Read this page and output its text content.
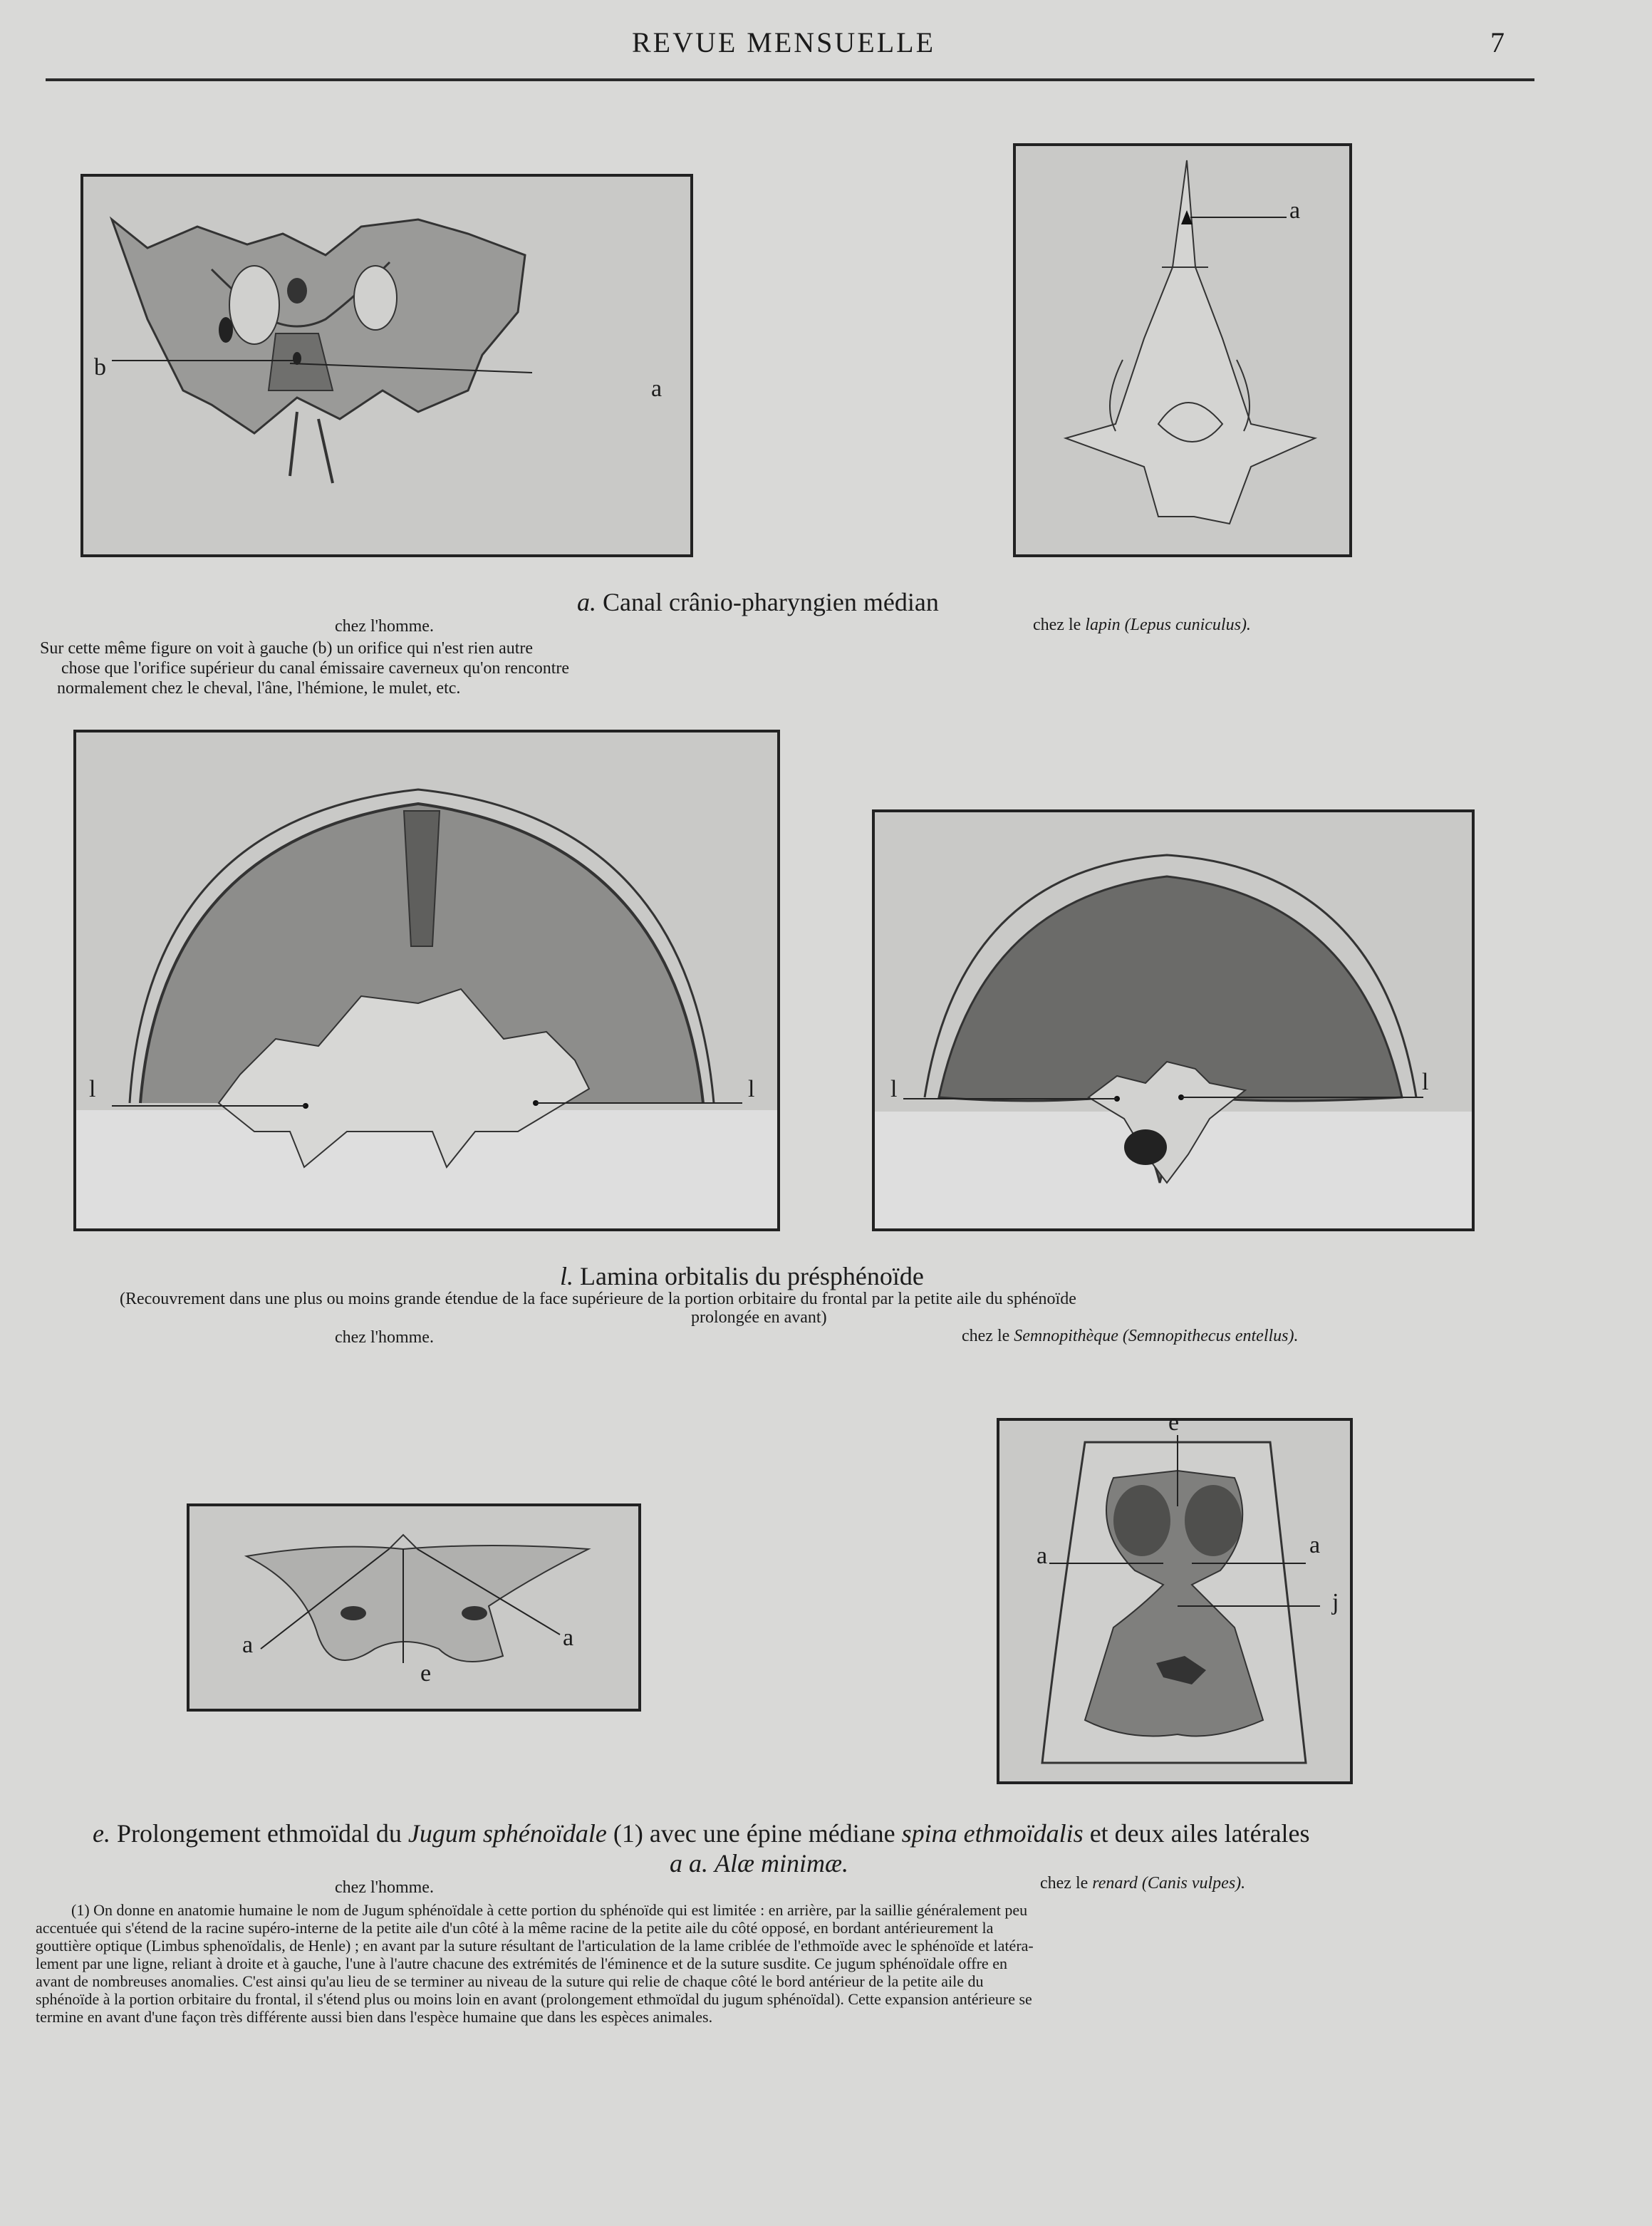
REVUE MENSUELLE	7
b
a
a
a. Canal crânio-pharyngien médian
chez l'homme.	chez le lapin (Lepus cuniculus).
Sur cette même figure on voit à gauche (b) un orifice qui n'est rien autre
chose que l'orifice supérieur du canal émissaire caverneux qu'on rencontre
normalement chez le cheval, l'âne, l'hémione, le mulet, etc.
l	l	l	l
l. Lamina orbitalis du présphénoïde
(Recouvrement dans une plus ou moins grande étendue de la face supérieure de la portion orbitaire du frontal par la petite aile du sphénoïde
prolongée en avant)
chez l'homme.	chez le Semnopithèque (Semnopithecus entellus).
a
e
a
e
a	a
j
e. Prolongement ethmoïdal du Jugum sphénoïdale (1) avec une épine médiane spina ethmoïdalis et deux ailes latérales
a a. Alæ minimæ.
chez l'homme.	chez le renard (Canis vulpes).
(1) On donne en anatomie humaine le nom de Jugum sphénoïdale à cette portion du sphénoïde qui est limitée : en arrière, par la saillie généralement peu
accentuée qui s'étend de la racine supéro-interne de la petite aile d'un côté à la même racine de la petite aile du côté opposé, en bordant antérieurement la
gouttière optique (Limbus sphenoïdalis, de Henle) ; en avant par la suture résultant de l'articulation de la lame criblée de l'ethmoïde avec le sphénoïde et latéra-
lement par une ligne, reliant à droite et à gauche, l'une à l'autre chacune des extrémités de l'éminence et de la suture susdite. Ce jugum sphénoïdale offre en
avant de nombreuses anomalies. C'est ainsi qu'au lieu de se terminer au niveau de la suture qui relie de chaque côté le bord antérieur de la petite aile du
sphénoïde à la portion orbitaire du frontal, il s'étend plus ou moins loin en avant (prolongement ethmoïdal du jugum sphénoïdal). Cette expansion antérieure se
termine en avant d'une façon très différente aussi bien dans l'espèce humaine que dans les espèces animales.
